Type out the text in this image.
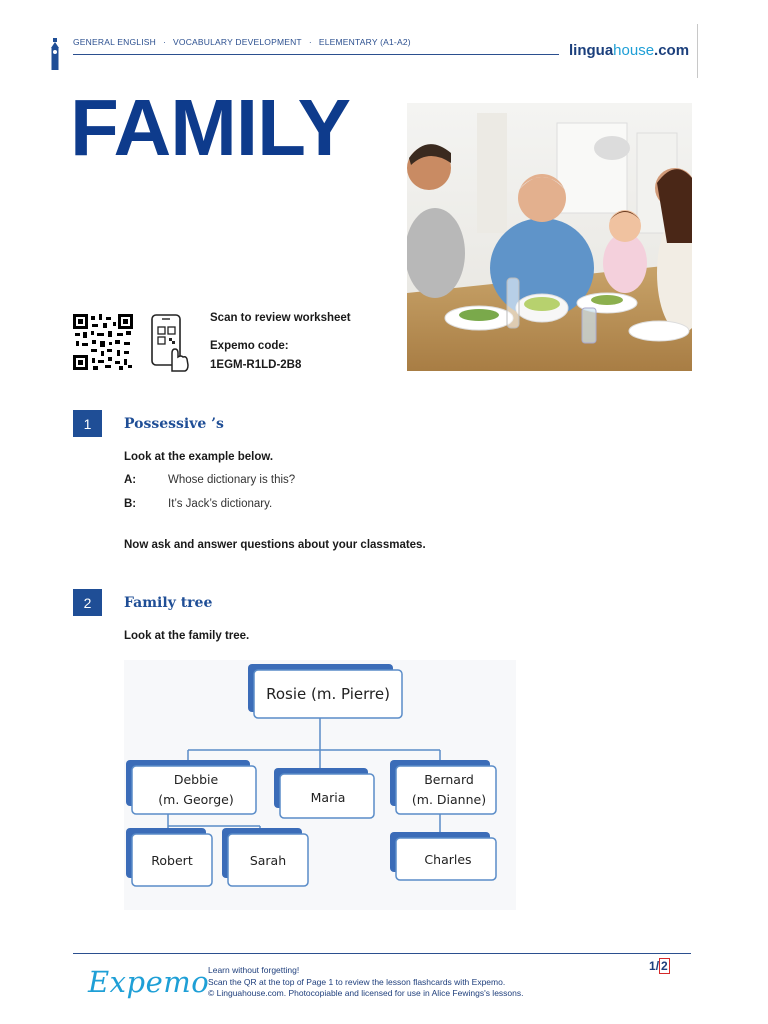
GENERAL ENGLISH · VOCABULARY DEVELOPMENT · ELEMENTARY (A1-A2)	linguahouse.com
FAMILY
Scan to review worksheet
Expemo code:
1EGM-R1LD-2B8
1	Possessive ’s
Look at the example below.
A:	Whose dictionary is this?
B:	It’s Jack’s dictionary.
Now ask and answer questions about your classmates.
2	Family tree
Look at the family tree.
Rosie (m. Pierre)
Debbie
(m. George)	Maria
Bernard
(m. Dianne)
Robert	Sarah	Charles
Expemo
Learn without forgetting!
Scan the QR at the top of Page 1 to review the lesson flashcards with Expemo.
© Linguahouse.com. Photocopiable and licensed for use in Alice Fewings's lessons.
1/ 2
